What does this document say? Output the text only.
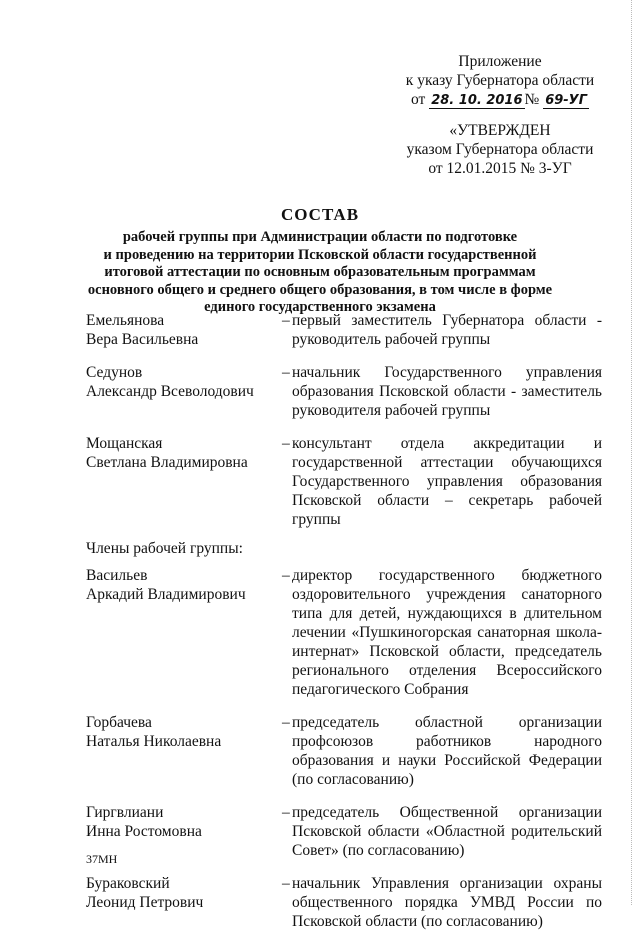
Приложение
к указу Губернатора области
от 28. 10. 2016 № 69-УГ
«УТВЕРЖДЕН
указом Губернатора области
от 12.01.2015 № 3-УГ
СОСТАВ
рабочей группы при Администрации области по подготовке
и проведению на территории Псковской области государственной
итоговой аттестации по основным образовательным программам
основного общего и среднего общего образования, в том числе в форме
единого государственного экзамена
Емельянова
Вера Васильевна
– первый заместитель Губернатора области - руководитель рабочей группы
Седунов
Александр Всеволодович
– начальник Государственного управления образования Псковской области - заместитель руководителя рабочей группы
Мощанская
Светлана Владимировна
– консультант отдела аккредитации и государственной аттестации обучающихся Государственного управления образования Псковской области – секретарь рабочей группы
Члены рабочей группы:
Васильев
Аркадий Владимирович
– директор государственного бюджетного оздоровительного учреждения санаторного типа для детей, нуждающихся в длительном лечении «Пушкиногорская санаторная школа-интернат» Псковской области, председатель регионального отделения Всероссийского педагогического Собрания
Горбачева
Наталья Николаевна
– председатель областной организации профсоюзов работников народного образования и науки Российской Федерации (по согласованию)
Гиргвлиани
Инна Ростомовна
– председатель Общественной организации Псковской области «Областной родительский Совет» (по согласованию)
Бураковский
Леонид Петрович
– начальник Управления организации охраны общественного порядка УМВД России по Псковской области (по согласованию)
37МН
